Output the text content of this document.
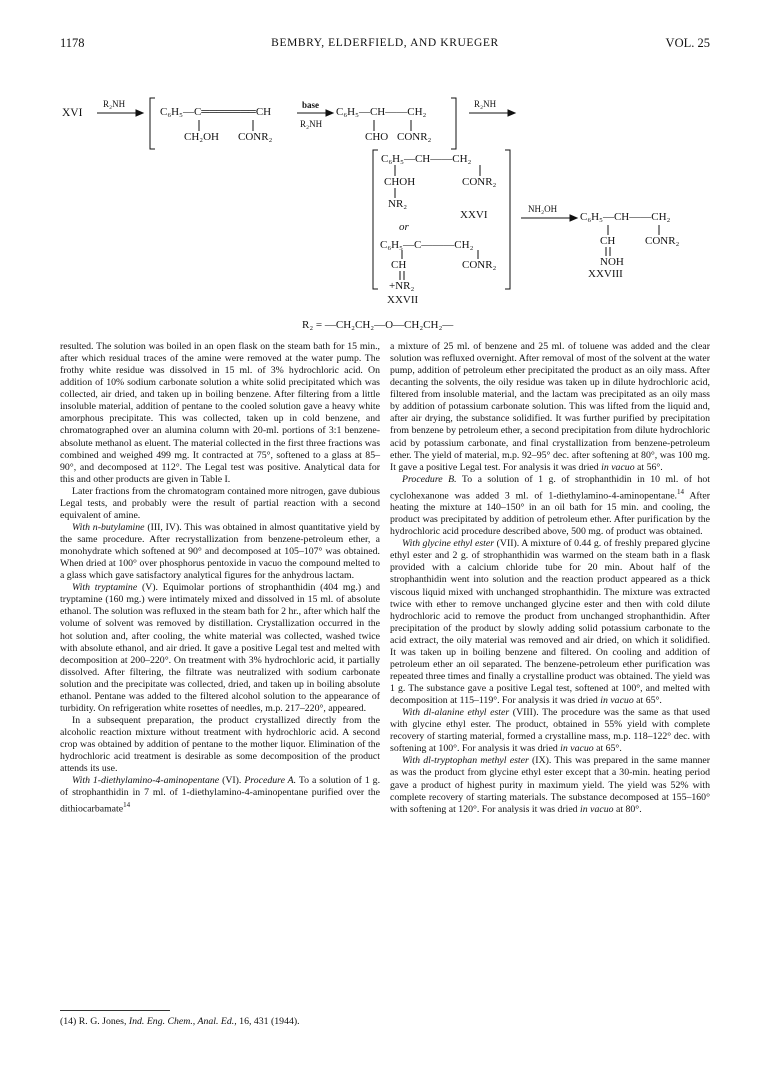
1178	BEMBRY, ELDERFIELD, AND KRUEGER	VOL. 25
XVI
R₂NH
C₆H₅—C═══════CH
CH₂OH CONR₂
base
R₂NH
C₆H₅—CH——CH₂
CHO CONR₂
R₂NH
C₆H₅—CH——CH₂
CHOH	CONR₂
NR₂
XXVI
or
C₆H₅—C———CH₂
CH	CONR₂
+NR₂
XXVII
NH₂OH
C₆H₅—CH——CH₂
CH	CONR₂
NOH
XXVIII
R₂ = —CH₂CH₂—O—CH₂CH₂—

resulted. The solution was boiled in an open flask on the steam bath for 15 min., after which residual traces of the amine were removed at the water pump. The frothy white residue was dissolved in 15 ml. of 3% hydrochloric acid. On addition of 10% sodium carbonate solution a white solid precipitated which was collected, air dried, and taken up in boiling benzene. After filtering from a little insoluble material, addition of pentane to the cooled solution gave a heavy white amorphous precipitate. This was collected, taken up in cold benzene, and chromatographed over an alumina column with 20-ml. portions of 3:1 benzene-absolute methanol as eluent. The material collected in the first three fractions was combined and weighed 499 mg. It contracted at 75°, softened to a glass at 85–90°, and decomposed at 112°. The Legal test was positive. Analytical data for this and other products are given in Table I.

Later fractions from the chromatogram contained more nitrogen, gave dubious Legal tests, and probably were the result of partial reaction with a second equivalent of amine.

With n-butylamine (III, IV). This was obtained in almost quantitative yield by the same procedure. After recrystallization from benzene-petroleum ether, a monohydrate which softened at 90° and decomposed at 105–107° was obtained. When dried at 100° over phosphorus pentoxide in vacuo the compound melted to a glass which gave satisfactory analytical figures for the anhydrous lactam.

With tryptamine (V). Equimolar portions of strophanthidin (404 mg.) and tryptamine (160 mg.) were intimately mixed and dissolved in 15 ml. of absolute ethanol. The solution was refluxed in the steam bath for 2 hr., after which half the volume of solvent was removed by distillation. Crystallization occurred in the hot solution and, after cooling, the white material was collected, washed twice with absolute ethanol, and air dried. It gave a positive Legal test and melted with decomposition at 200–220°. On treatment with 3% hydrochloric acid, it partially dissolved. After filtering, the filtrate was neutralized with sodium carbonate solution and the precipitate was collected, dried, and taken up in boiling absolute ethanol. Pentane was added to the filtered alcohol solution to the appearance of turbidity. On refrigeration white rosettes of needles, m.p. 217–220°, appeared.

In a subsequent preparation, the product crystallized directly from the alcoholic reaction mixture without treatment with hydrochloric acid. A second crop was obtained by addition of pentane to the mother liquor. Elimination of the hydrochloric acid treatment is desirable as some decomposition of the product attends its use.

With 1-diethylamino-4-aminopentane (VI). Procedure A. To a solution of 1 g. of strophanthidin in 7 ml. of 1-diethylamino-4-aminopentane purified over the dithiocarbamate$^{14}$

(14) R. G. Jones, Ind. Eng. Chem., Anal. Ed., 16, 431 (1944).

a mixture of 25 ml. of benzene and 25 ml. of toluene was added and the clear solution was refluxed overnight. After removal of most of the solvent at the water pump, addition of petroleum ether precipitated the product as an oily mass. After decanting the solvents, the oily residue was taken up in dilute hydrochloric acid, filtered from insoluble material, and the lactam was precipitated as an oily mass by addition of potassium carbonate solution. This was lifted from the liquid and, after air drying, the substance solidified. It was further purified by precipitation from benzene by petroleum ether, a second precipitation from dilute hydrochloric acid by potassium carbonate, and final crystallization from benzene-petroleum ether. The yield of material, m.p. 92–95° dec. after softening at 80°, was 100 mg. It gave a positive Legal test. For analysis it was dried in vacuo at 56°.

Procedure B. To a solution of 1 g. of strophanthidin in 10 ml. of hot cyclohexanone was added 3 ml. of 1-diethylamino-4-aminopentane.$^{14}$ After heating the mixture at 140–150° in an oil bath for 15 min. and cooling, the product was precipitated by addition of petroleum ether. After purification by the hydrochloric acid procedure described above, 500 mg. of product was obtained.

With glycine ethyl ester (VII). A mixture of 0.44 g. of freshly prepared glycine ethyl ester and 2 g. of strophanthidin was warmed on the steam bath in a flask provided with a calcium chloride tube for 20 min. About half of the strophanthidin went into solution and the reaction product appeared as a thick viscous liquid mixed with unchanged strophanthidin. The mixture was extracted twice with ether to remove unchanged glycine ester and then with cold dilute hydrochloric acid to remove the product from unchanged strophanthidin. After precipitation of the product by slowly adding solid potassium carbonate to the acid extract, the oily material was removed and air dried, on which it solidified. It was taken up in boiling benzene and filtered. On cooling and addition of petroleum ether an oil separated. The benzene-petroleum ether purification was repeated three times and finally a crystalline product was obtained. The yield was 1 g. The substance gave a positive Legal test, softened at 100°, and melted with decomposition at 115–119°. For analysis it was dried in vacuo at 65°.

With dl-alanine ethyl ester (VIII). The procedure was the same as that used with glycine ethyl ester. The product, obtained in 55% yield with complete recovery of starting material, formed a crystalline mass, m.p. 118–122° dec. with softening at 100°. For analysis it was dried in vacuo at 65°.

With dl-tryptophan methyl ester (IX). This was prepared in the same manner as was the product from glycine ethyl ester except that a 30-min. heating period gave a product of highest purity in maximum yield. The yield was 52% with complete recovery of starting materials. The substance decomposed at 155–160° with softening at 120°. For analysis it was dried in vacuo at 80°.
